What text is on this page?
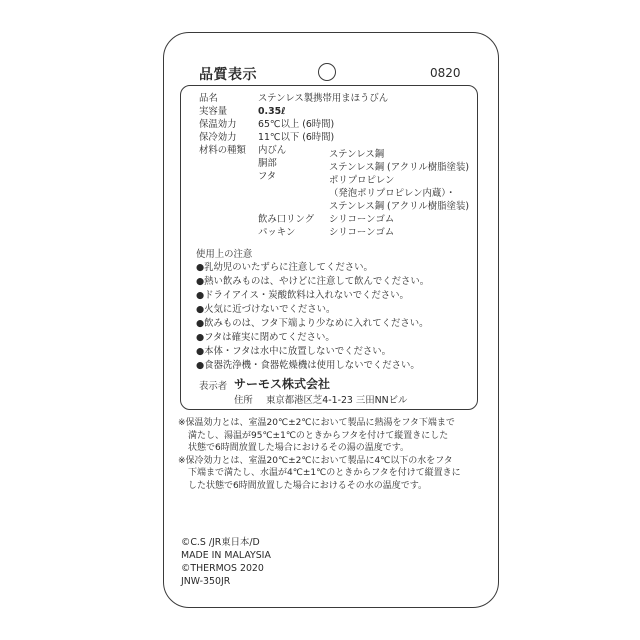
品質表示	0820
品名	ステンレス製携帯用まほうびん
実容量	0.35ℓ
保温効力 65℃以上 (6時間)
保冷効力 11℃以下 (6時間)
材料の種類 内びん	ステンレス鋼
胴部	ステンレス鋼 (アクリル樹脂塗装)
フタ	ポリプロピレン
（発泡ポリプロピレン内蔵）・
ステンレス鋼 (アクリル樹脂塗装)
飲み口リング シリコーンゴム
パッキン	シリコーンゴム
使用上の注意
●乳幼児のいたずらに注意してください。
●熱い飲みものは、やけどに注意して飲んでください。
●ドライアイス・炭酸飲料は入れないでください。
●火気に近づけないでください。
●飲みものは、フタ下端より少なめに入れてください。
●フタは確実に閉めてください。
●本体・フタは水中に放置しないでください。
●食器洗浄機・食器乾燥機は使用しないでください。
表示者 サーモス株式会社
住所 東京都港区芝4-1-23 三田NNビル
※保温効力とは、室温20℃±2℃において製品に熱湯をフタ下端まで
満たし、湯温が95℃±1℃のときからフタを付けて縦置きにした
状態で6時間放置した場合におけるその湯の温度です。
※保冷効力とは、室温20℃±2℃において製品に4℃以下の水をフタ
下端まで満たし、水温が4℃±1℃のときからフタを付けて縦置きに
した状態で6時間放置した場合におけるその水の温度です。
©C.S /JR東日本/D
MADE IN MALAYSIA
©THERMOS 2020
JNW-350JR
